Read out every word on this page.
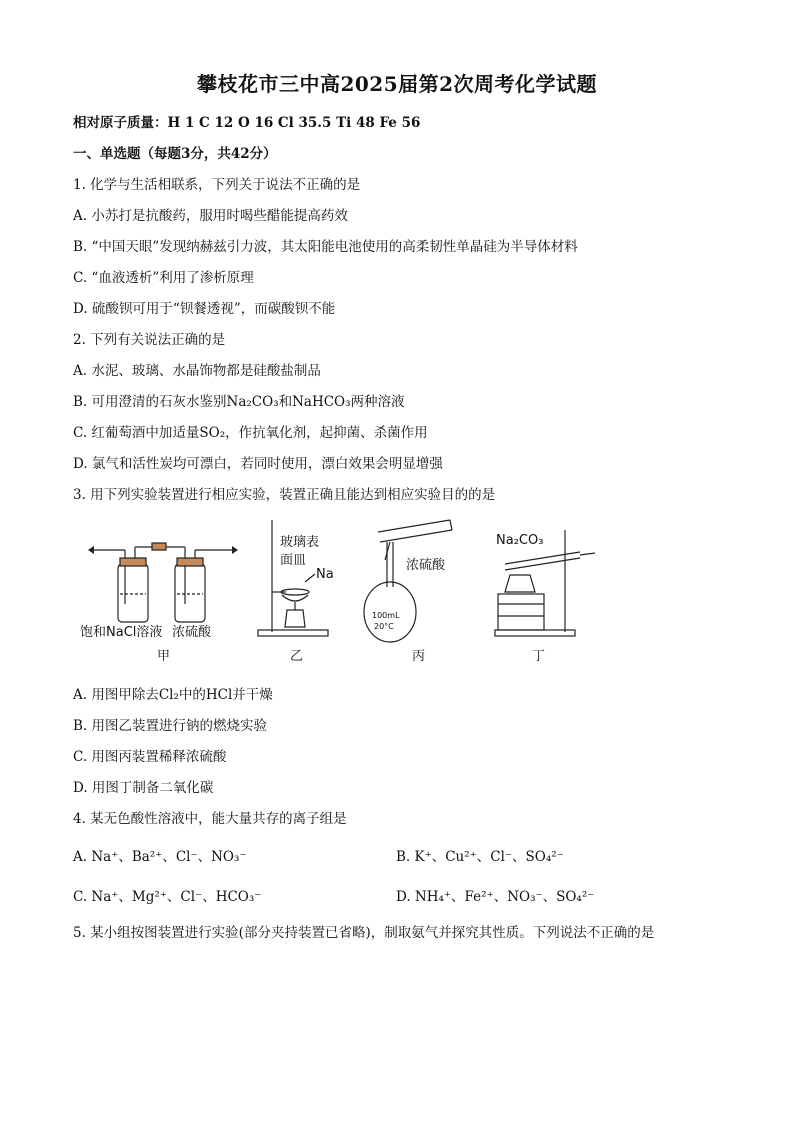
攀枝花市三中高2025届第2次周考化学试题
相对原子质量：H 1 C 12 O 16 Cl 35.5 Ti 48 Fe 56
一、单选题（每题3分，共42分）
1. 化学与生活相联系，下列关于说法不正确的是
A. 小苏打是抗酸药，服用时喝些醋能提高药效
B. “中国天眼”发现纳赫兹引力波，其太阳能电池使用的高柔韧性单晶硅为半导体材料
C. “血液透析”利用了渗析原理
D. 硫酸钡可用于“钡餐透视”，而碳酸钡不能
2. 下列有关说法正确的是
A. 水泥、玻璃、水晶饰物都是硅酸盐制品
B. 可用澄清的石灰水鉴别Na₂CO₃和NaHCO₃两种溶液
C. 红葡萄酒中加适量SO₂，作抗氧化剂，起抑菌、杀菌作用
D. 氯气和活性炭均可漂白，若同时使用，漂白效果会明显增强
3. 用下列实验装置进行相应实验，装置正确且能达到相应实验目的的是
饱和NaCl溶液 浓硫酸
玻璃表
面皿
Na
浓硫酸
100mL
20°C
Na₂CO₃
甲	乙	丙	丁
A. 用图甲除去Cl₂中的HCl并干燥
B. 用图乙装置进行钠的燃烧实验
C. 用图丙装置稀释浓硫酸
D. 用图丁制备二氧化碳
4. 某无色酸性溶液中，能大量共存的离子组是
A. Na⁺、Ba²⁺、Cl⁻、NO₃⁻	B. K⁺、Cu²⁺、Cl⁻、SO₄²⁻
C. Na⁺、Mg²⁺、Cl⁻、HCO₃⁻	D. NH₄⁺、Fe²⁺、NO₃⁻、SO₄²⁻
5. 某小组按图装置进行实验(部分夹持装置已省略)，制取氨气并探究其性质。下列说法不正确的是
